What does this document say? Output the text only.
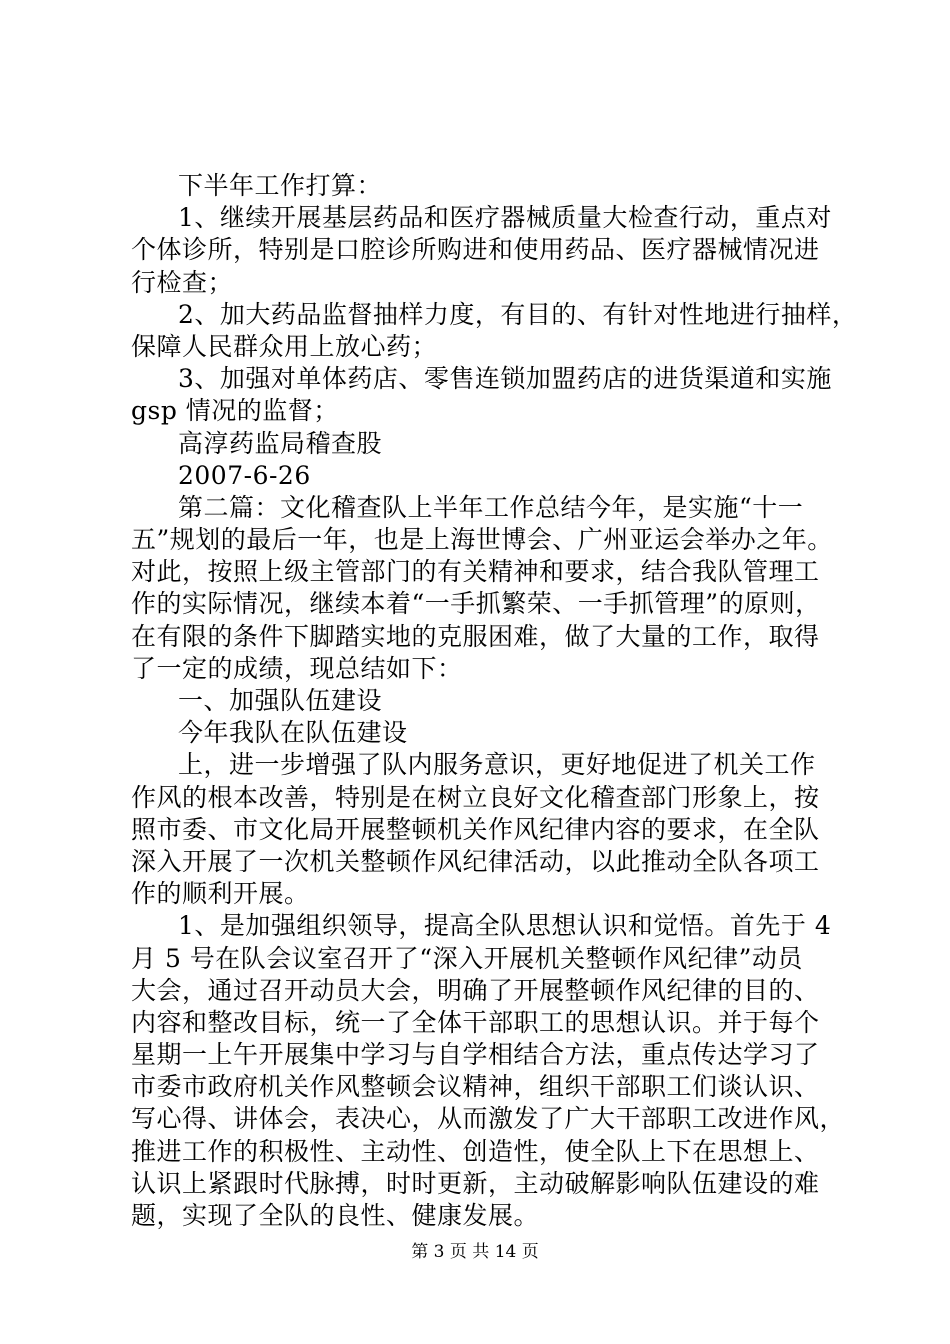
下半年工作打算：
1、继续开展基层药品和医疗器械质量大检查行动，重点对
个体诊所，特别是口腔诊所购进和使用药品、医疗器械情况进
行检查；
2、加大药品监督抽样力度，有目的、有针对性地进行抽样，
保障人民群众用上放心药；
3、加强对单体药店、零售连锁加盟药店的进货渠道和实施
gsp 情况的监督；
高淳药监局稽查股
2007-6-26
第二篇：文化稽查队上半年工作总结今年，是实施“十一
五”规划的最后一年，也是上海世博会、广州亚运会举办之年。
对此，按照上级主管部门的有关精神和要求，结合我队管理工
作的实际情况，继续本着“一手抓繁荣、一手抓管理”的原则，
在有限的条件下脚踏实地的克服困难，做了大量的工作，取得
了一定的成绩，现总结如下：
一、加强队伍建设
今年我队在队伍建设
上，进一步增强了队内服务意识，更好地促进了机关工作
作风的根本改善，特别是在树立良好文化稽查部门形象上，按
照市委、市文化局开展整顿机关作风纪律内容的要求，在全队
深入开展了一次机关整顿作风纪律活动，以此推动全队各项工
作的顺利开展。
1、是加强组织领导，提高全队思想认识和觉悟。首先于 4
月 5 号在队会议室召开了“深入开展机关整顿作风纪律”动员
大会，通过召开动员大会，明确了开展整顿作风纪律的目的、
内容和整改目标，统一了全体干部职工的思想认识。并于每个
星期一上午开展集中学习与自学相结合方法，重点传达学习了
市委市政府机关作风整顿会议精神，组织干部职工们谈认识、
写心得、讲体会，表决心，从而激发了广大干部职工改进作风，
推进工作的积极性、主动性、创造性，使全队上下在思想上、
认识上紧跟时代脉搏，时时更新，主动破解影响队伍建设的难
题，实现了全队的良性、健康发展。
第 3 页 共 14 页
